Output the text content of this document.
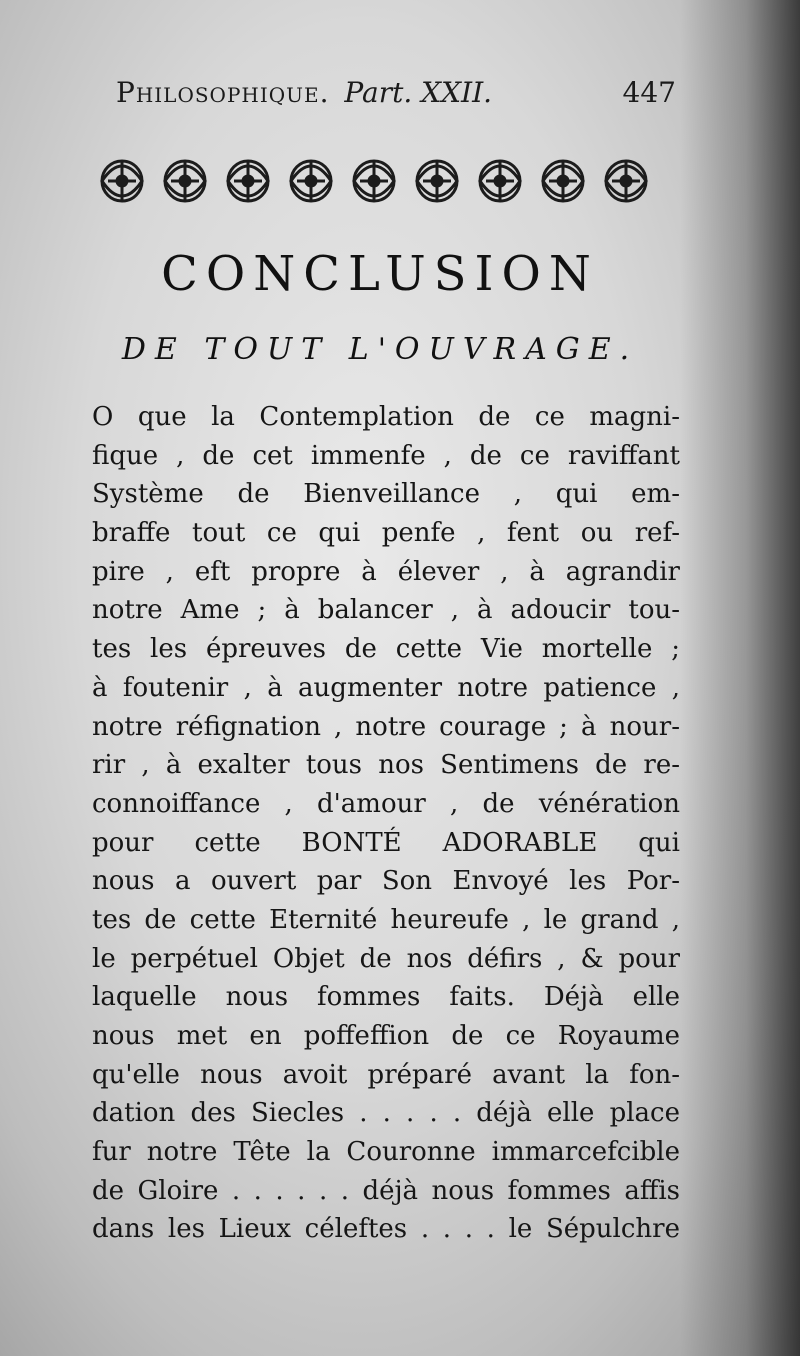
Philosophique. Part. XXII.	447
CONCLUSION
DE TOUT L'OUVRAGE.
O que la Contemplation de ce magni-
fique , de cet immenfe , de ce raviffant
Système de Bienveillance , qui em-
braffe tout ce qui penfe , fent ou ref-
pire , eft propre à élever , à agrandir
notre Ame ; à balancer , à adoucir tou-
tes les épreuves de cette Vie mortelle ;
à foutenir , à augmenter notre patience ,
notre réfignation , notre courage ; à nour-
rir , à exalter tous nos Sentimens de re-
connoiffance , d'amour , de vénération
pour cette BONTÉ ADORABLE qui
nous a ouvert par Son Envoyé les Por-
tes de cette Eternité heureufe , le grand ,
le perpétuel Objet de nos défirs , & pour
laquelle nous fommes faits. Déjà elle
nous met en poffeffion de ce Royaume
qu'elle nous avoit préparé avant la fon-
dation des Siecles . . . . . déjà elle place
fur notre Tête la Couronne immarcefcible
de Gloire . . . . . . déjà nous fommes affis
dans les Lieux céleftes . . . . le Sépulchre
